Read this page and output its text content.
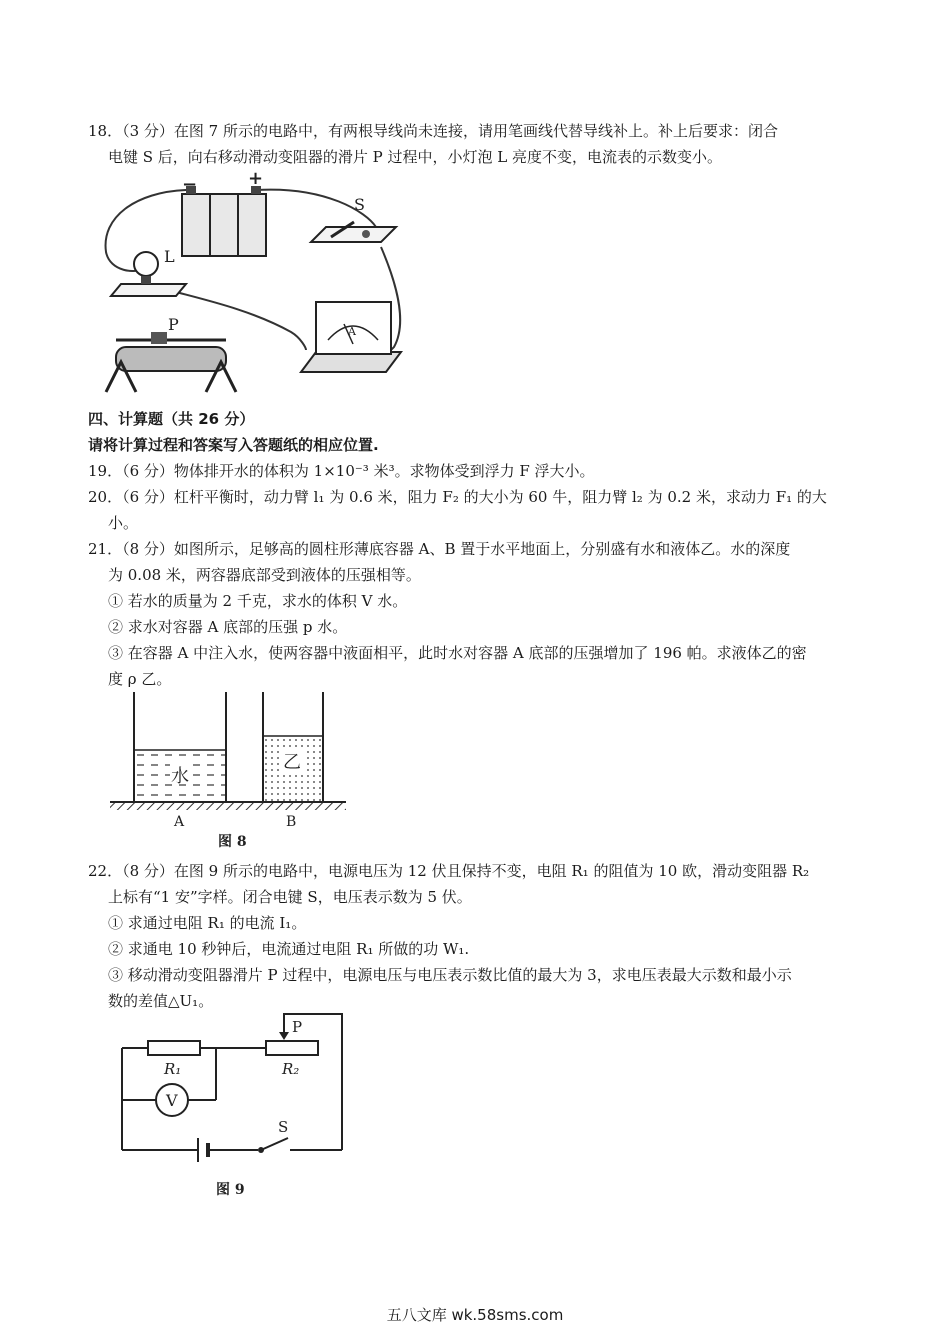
18．（3 分）在图 7 所示的电路中，有两根导线尚未连接，请用笔画线代替导线补上。补上后要求：闭合
电键 S 后，向右移动滑动变阻器的滑片 P 过程中，小灯泡 L 亮度不变，电流表的示数变小。
−	+
S
L
P	A
四、计算题（共 26 分）
请将计算过程和答案写入答题纸的相应位置.
19．（6 分）物体排开水的体积为 1×10⁻³ 米³。求物体受到浮力 F 浮大小。
20．（6 分）杠杆平衡时，动力臂 l₁ 为 0.6 米，阻力 F₂ 的大小为 60 牛，阻力臂 l₂ 为 0.2 米，求动力 F₁ 的大
小。
21．（8 分）如图所示，足够高的圆柱形薄底容器 A、B 置于水平地面上，分别盛有水和液体乙。水的深度
为 0.08 米，两容器底部受到液体的压强相等。
① 若水的质量为 2 千克，求水的体积 V 水。
② 求水对容器 A 底部的压强 p 水。
③ 在容器 A 中注入水，使两容器中液面相平，此时水对容器 A 底部的压强增加了 196 帕。求液体乙的密
度 ρ 乙。
水
乙
A	B
图 8
22．（8 分）在图 9 所示的电路中，电源电压为 12 伏且保持不变，电阻 R₁ 的阻值为 10 欧，滑动变阻器 R₂
上标有“1 安”字样。闭合电键 S，电压表示数为 5 伏。
① 求通过电阻 R₁ 的电流 I₁。
② 求通电 10 秒钟后，电流通过电阻 R₁ 所做的功 W₁.
③ 移动滑动变阻器滑片 P 过程中，电源电压与电压表示数比值的最大为 3，求电压表最大示数和最小示
数的差值△U₁。
R₁	R₂
P
V
S
图 9
五八文库 wk.58sms.com
